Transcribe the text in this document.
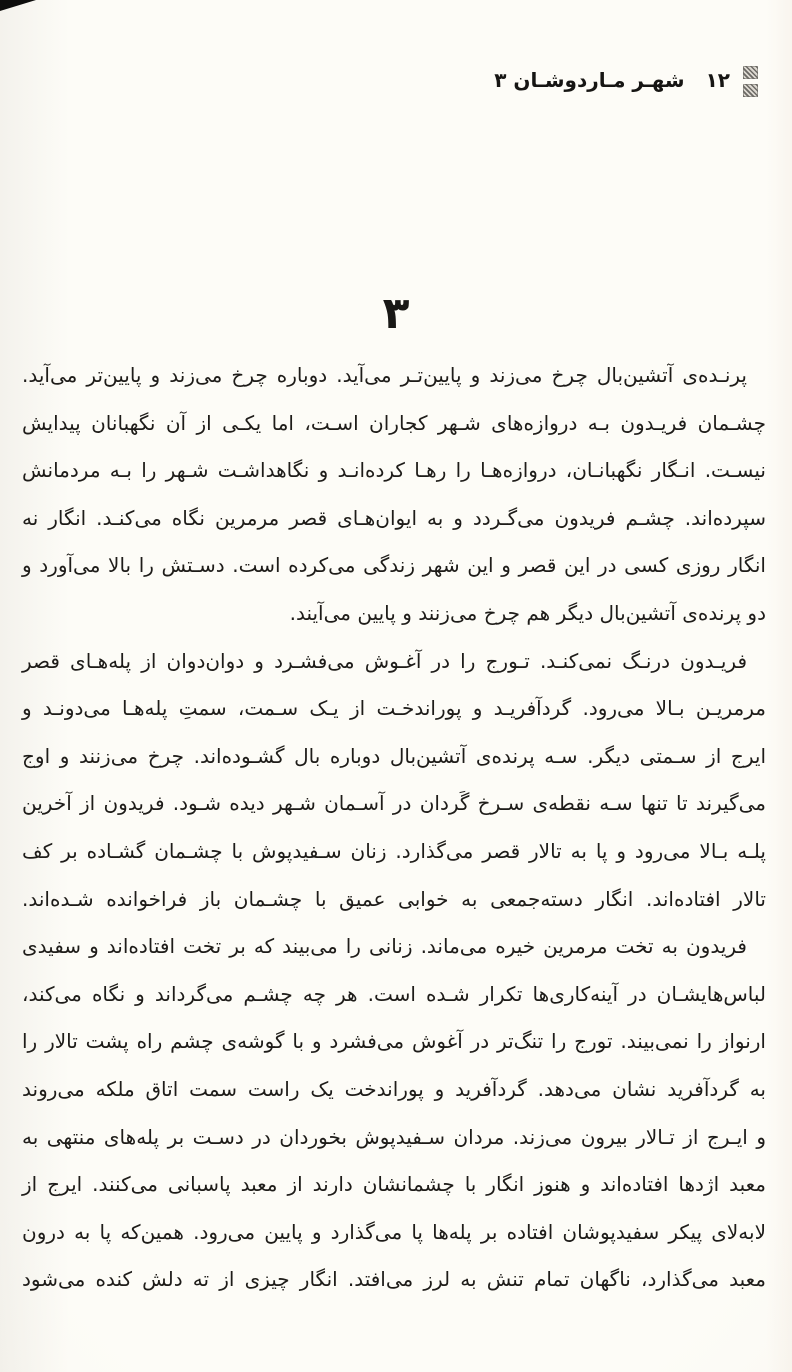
۱۲
شهـر مـاردوشـان ۳
۳

پرنـده‌ی آتشین‌بال چرخ می‌زند و پایین‌تـر می‌آید. دوباره چرخ می‌زند و پایین‌تر می‌آید.

چشـمان فریـدون بـه دروازه‌های شـهر کجاران اسـت، اما یکـی از آن نگهبانان پیدایش

نیسـت. انـگار نگهبانـان، دروازه‌هـا را رهـا کرده‌انـد و نگاهداشـت شـهر را بـه مردمانش

سپرده‌اند. چشـم فریدون می‌گـردد و به ایوان‌هـای قصر مرمرین نگاه می‌کنـد. انگار نه

انگار روزی کسی در این قصر و این شهر زندگی می‌کرده است. دسـتش را بالا می‌آورد و

دو پرنده‌ی آتشین‌بال دیگر هم چرخ می‌زنند و پایین می‌آیند.

فریـدون درنـگ نمی‌کنـد. تـورج را در آغـوش می‌فشـرد و دوان‌دوان از پله‌هـای قصر

مرمریـن بـالا می‌رود. گردآفریـد و پوراندخـت از یـک سـمت، سمتِ پله‌هـا می‌دونـد و

ایرج از سـمتی دیگر. سـه پرنده‌ی آتشین‌بال دوباره بال گشـوده‌اند. چرخ می‌زنند و اوج

می‌گیرند تا تنها سـه نقطه‌ی سـرخ گَردان در آسـمان شـهر دیده شـود. فریدون از آخرین

پلـه بـالا می‌رود و پا به تالار قصر می‌گذارد. زنان سـفیدپوش با چشـمان گشـاده بر کف

تالار افتاده‌اند. انگار دسته‌جمعی به خوابی عمیق با چشـمان باز فراخوانده شـده‌اند.

فریدون به تخت مرمرین خیره می‌ماند. زنانی را می‌بیند که بر تخت افتاده‌اند و سفیدی

لباس‌هایشـان در آینه‌کاری‌ها تکرار شـده است. هر چه چشـم می‌گرداند و نگاه می‌کند،

ارنواز را نمی‌بیند. تورج را تنگ‌تر در آغوش می‌فشرد و با گوشه‌ی چشم راه پشت تالار را

به گردآفرید نشان می‌دهد. گردآفرید و پوراندخت یک راست سمت اتاق ملکه می‌روند

و ایـرج از تـالار بیرون می‌زند. مردان سـفیدپوش بخوردان در دسـت بر پله‌های منتهی به

معبد اژدها افتاده‌اند و هنوز انگار با چشمانشان دارند از معبد پاسبانی می‌کنند. ایرج از

لابه‌لای پیکر سفیدپوشان افتاده بر پله‌ها پا می‌گذارد و پایین می‌رود. همین‌که پا به درون

معبد می‌گذارد، ناگهان تمام تنش به لرز می‌افتد. انگار چیزی از ته دلش کنده می‌شود
